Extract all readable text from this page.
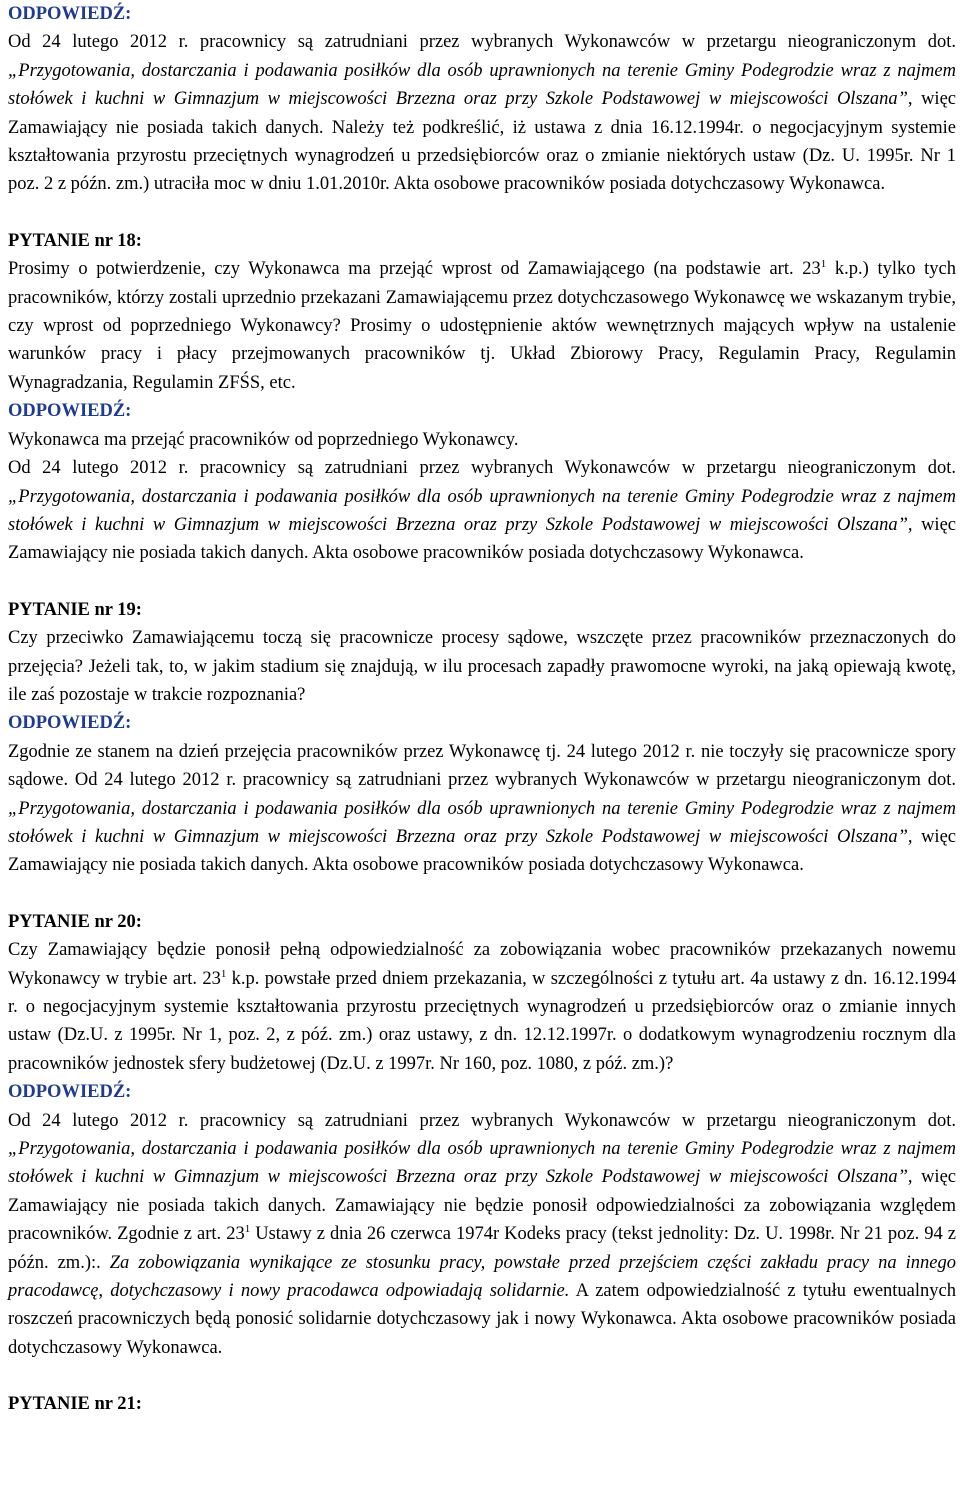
ODPOWIEDŹ:

Od 24 lutego 2012 r. pracownicy są zatrudniani przez wybranych Wykonawców w przetargu nieograniczonym dot. „Przygotowania, dostarczania i podawania posiłków dla osób uprawnionych na terenie Gminy Podegrodzie wraz z najmem stołówek i kuchni w Gimnazjum w miejscowości Brzezna oraz przy Szkole Podstawowej w miejscowości Olszana”, więc Zamawiający nie posiada takich danych. Należy też podkreślić, iż ustawa z dnia 16.12.1994r. o negocjacyjnym systemie kształtowania przyrostu przeciętnych wynagrodzeń u przedsiębiorców oraz o zmianie niektórych ustaw (Dz. U. 1995r. Nr 1 poz. 2 z późn. zm.) utraciła moc w dniu 1.01.2010r. Akta osobowe pracowników posiada dotychczasowy Wykonawca.

PYTANIE nr 18:

Prosimy o potwierdzenie, czy Wykonawca ma przejąć wprost od Zamawiającego (na podstawie art. $23^1$ k.p.) tylko tych pracowników, którzy zostali uprzednio przekazani Zamawiającemu przez dotychczasowego Wykonawcę we wskazanym trybie, czy wprost od poprzedniego Wykonawcy? Prosimy o udostępnienie aktów wewnętrznych mających wpływ na ustalenie warunków pracy i płacy przejmowanych pracowników tj. Układ Zbiorowy Pracy, Regulamin Pracy, Regulamin Wynagradzania, Regulamin ZFŚS, etc.

ODPOWIEDŹ:

Wykonawca ma przejąć pracowników od poprzedniego Wykonawcy.

Od 24 lutego 2012 r. pracownicy są zatrudniani przez wybranych Wykonawców w przetargu nieograniczonym dot. „Przygotowania, dostarczania i podawania posiłków dla osób uprawnionych na terenie Gminy Podegrodzie wraz z najmem stołówek i kuchni w Gimnazjum w miejscowości Brzezna oraz przy Szkole Podstawowej w miejscowości Olszana”, więc Zamawiający nie posiada takich danych. Akta osobowe pracowników posiada dotychczasowy Wykonawca.

PYTANIE nr 19:

Czy przeciwko Zamawiającemu toczą się pracownicze procesy sądowe, wszczęte przez pracowników przeznaczonych do przejęcia? Jeżeli tak, to, w jakim stadium się znajdują, w ilu procesach zapadły prawomocne wyroki, na jaką opiewają kwotę, ile zaś pozostaje w trakcie rozpoznania?

ODPOWIEDŹ:

Zgodnie ze stanem na dzień przejęcia pracowników przez Wykonawcę tj. 24 lutego 2012 r. nie toczyły się pracownicze spory sądowe. Od 24 lutego 2012 r. pracownicy są zatrudniani przez wybranych Wykonawców w przetargu nieograniczonym dot. „Przygotowania, dostarczania i podawania posiłków dla osób uprawnionych na terenie Gminy Podegrodzie wraz z najmem stołówek i kuchni w Gimnazjum w miejscowości Brzezna oraz przy Szkole Podstawowej w miejscowości Olszana”, więc Zamawiający nie posiada takich danych. Akta osobowe pracowników posiada dotychczasowy Wykonawca.

PYTANIE nr 20:

Czy Zamawiający będzie ponosił pełną odpowiedzialność za zobowiązania wobec pracowników przekazanych nowemu Wykonawcy w trybie art. $23^1$ k.p. powstałe przed dniem przekazania, w szczególności z tytułu art. 4a ustawy z dn. 16.12.1994 r. o negocjacyjnym systemie kształtowania przyrostu przeciętnych wynagrodzeń u przedsiębiorców oraz o zmianie innych ustaw (Dz.U. z 1995r. Nr 1, poz. 2, z póź. zm.) oraz ustawy, z dn. 12.12.1997r. o dodatkowym wynagrodzeniu rocznym dla pracowników jednostek sfery budżetowej (Dz.U. z 1997r. Nr 160, poz. 1080, z póź. zm.)?

ODPOWIEDŹ:

Od 24 lutego 2012 r. pracownicy są zatrudniani przez wybranych Wykonawców w przetargu nieograniczonym dot. „Przygotowania, dostarczania i podawania posiłków dla osób uprawnionych na terenie Gminy Podegrodzie wraz z najmem stołówek i kuchni w Gimnazjum w miejscowości Brzezna oraz przy Szkole Podstawowej w miejscowości Olszana”, więc Zamawiający nie posiada takich danych. Zamawiający nie będzie ponosił odpowiedzialności za zobowiązania względem pracowników. Zgodnie z art. $23^1$ Ustawy z dnia 26 czerwca 1974r Kodeks pracy (tekst jednolity: Dz. U. 1998r. Nr 21 poz. 94 z późn. zm.):. Za zobowiązania wynikające ze stosunku pracy, powstałe przed przejściem części zakładu pracy na innego pracodawcę, dotychczasowy i nowy pracodawca odpowiadają solidarnie. A zatem odpowiedzialność z tytułu ewentualnych roszczeń pracowniczych będą ponosić solidarnie dotychczasowy jak i nowy Wykonawca. Akta osobowe pracowników posiada dotychczasowy Wykonawca.

PYTANIE nr 21:
